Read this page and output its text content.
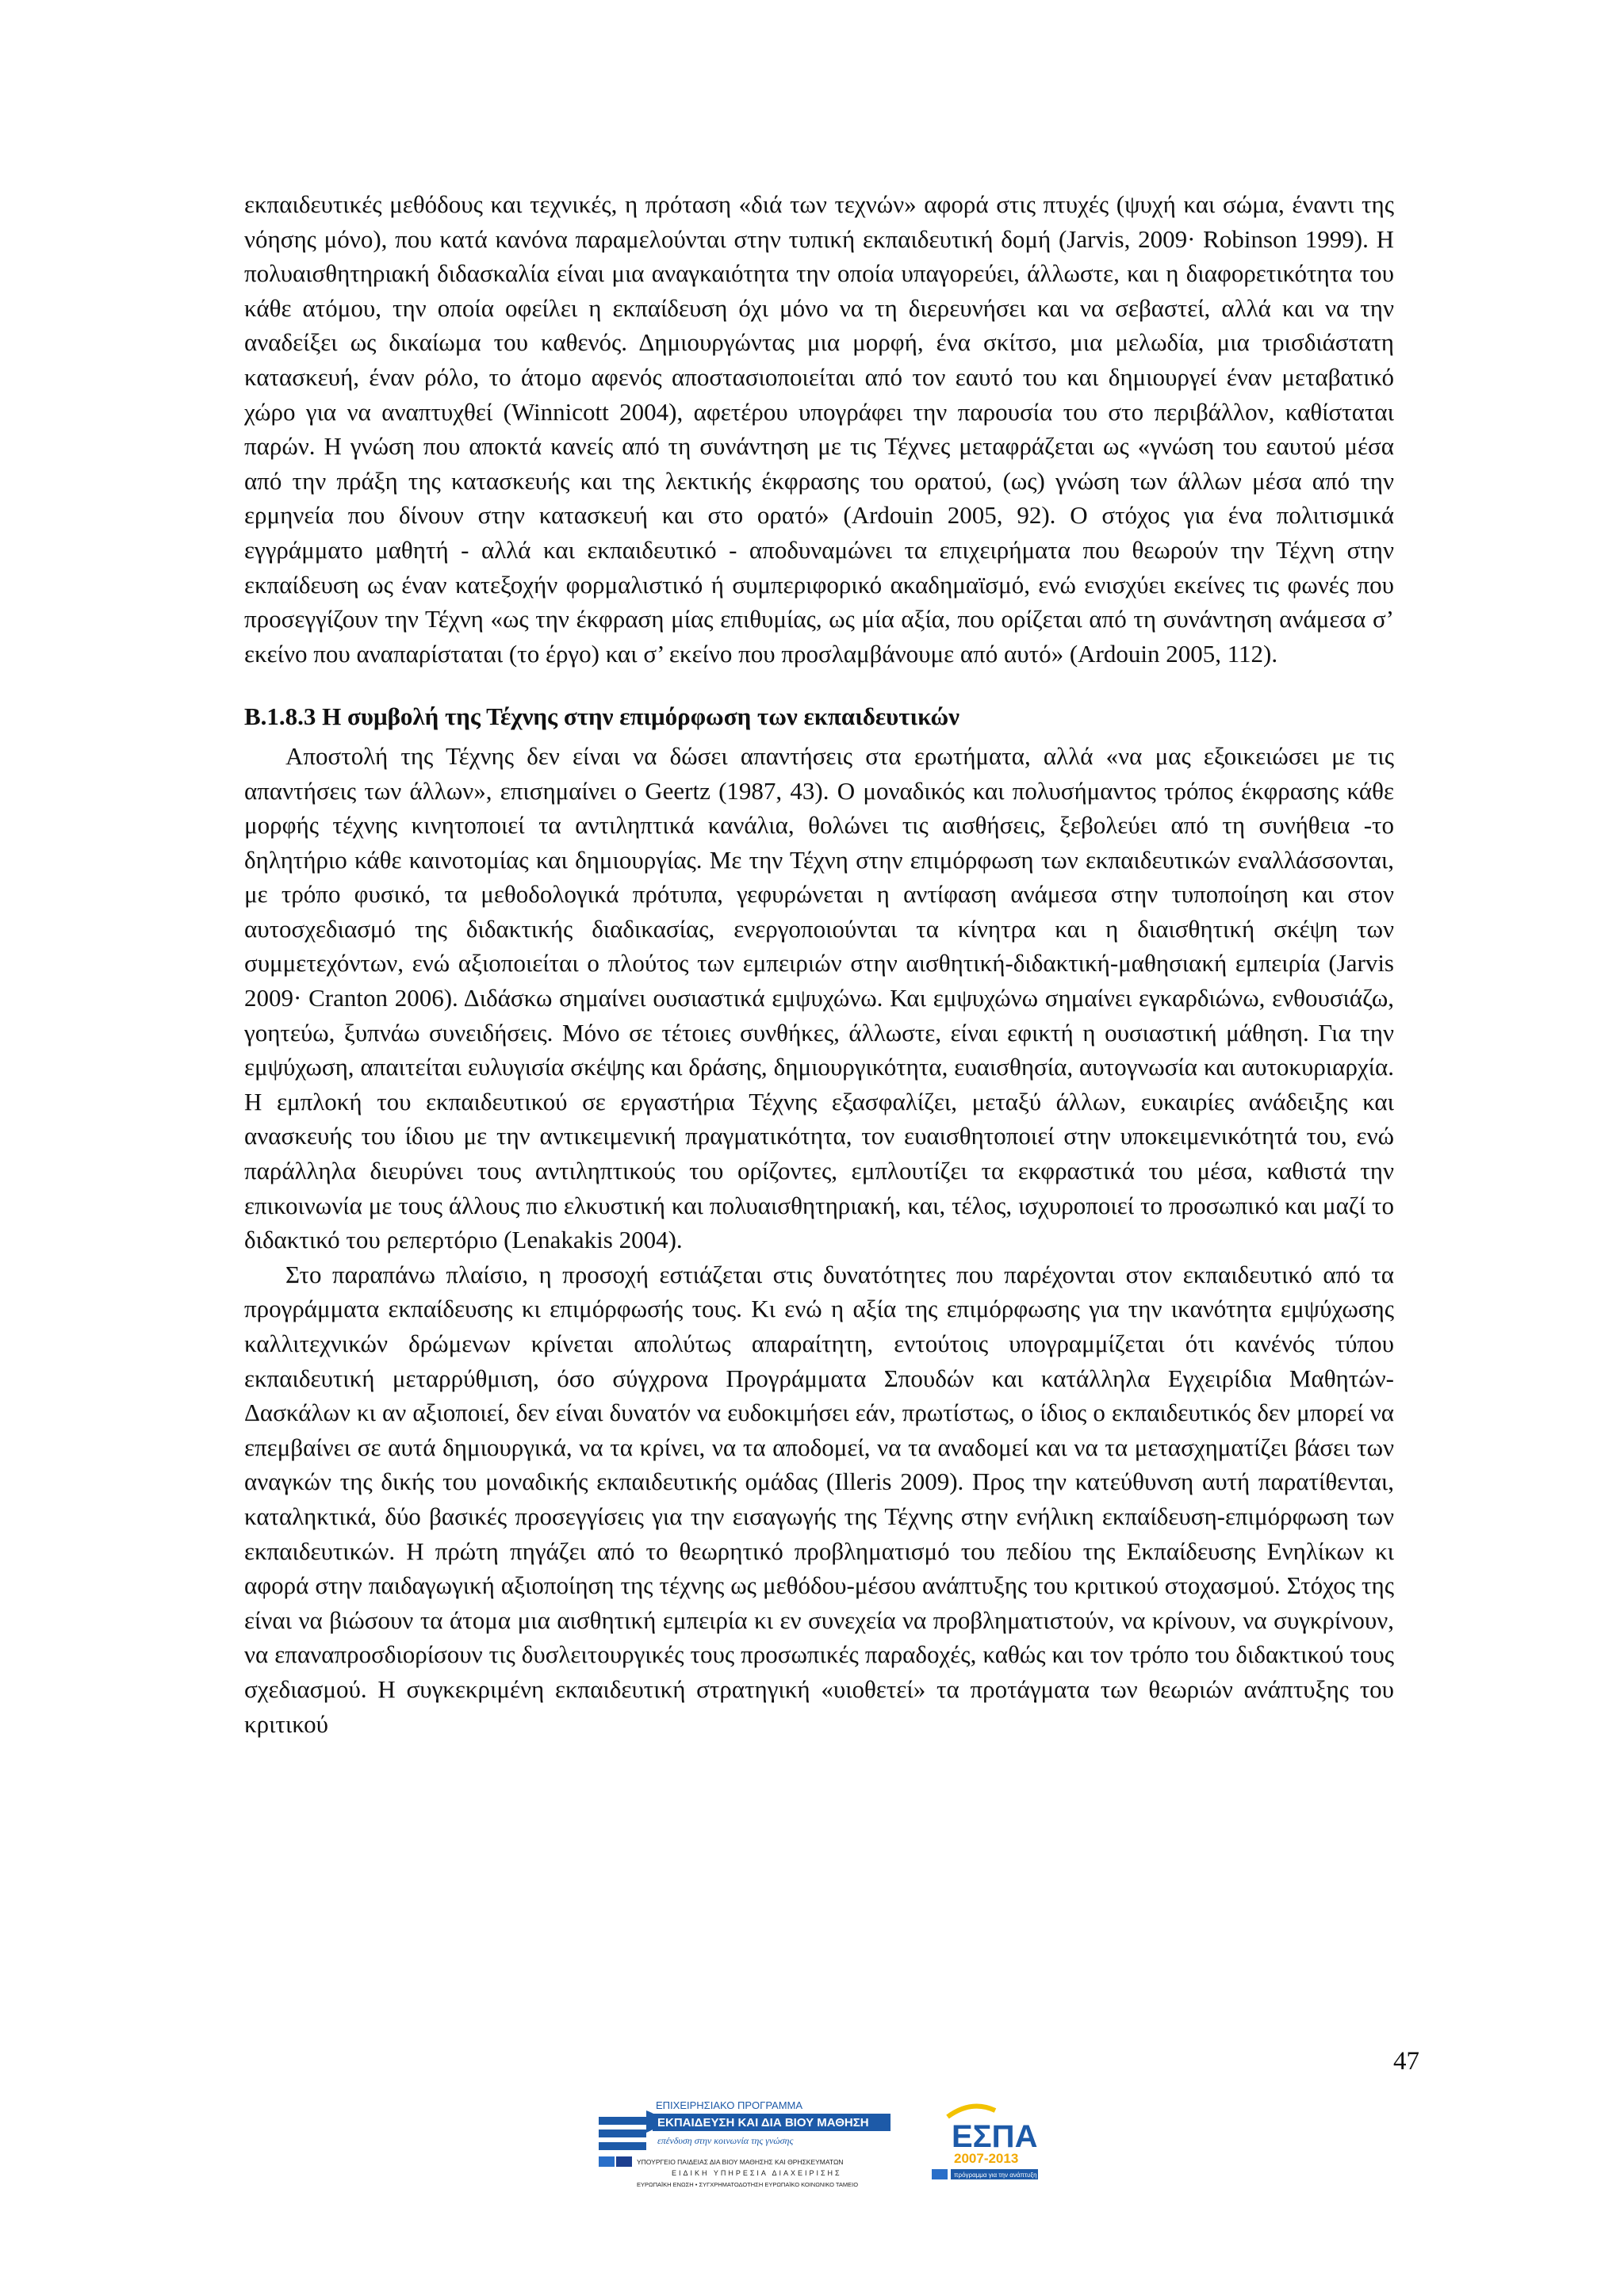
εκπαιδευτικές μεθόδους και τεχνικές, η πρόταση «διά των τεχνών» αφορά στις πτυχές (ψυχή και σώμα, έναντι της νόησης μόνο), που κατά κανόνα παραμελούνται στην τυπική εκπαιδευτική δομή (Jarvis, 2009· Robinson 1999). Η πολυαισθητηριακή διδασκαλία είναι μια αναγκαιότητα την οποία υπαγορεύει, άλλωστε, και η διαφορετικότητα του κάθε ατόμου, την οποία οφείλει η εκπαίδευση όχι μόνο να τη διερευνήσει και να σεβαστεί, αλλά και να την αναδείξει ως δικαίωμα του καθενός. Δημιουργώντας μια μορφή, ένα σκίτσο, μια μελωδία, μια τρισδιάστατη κατασκευή, έναν ρόλο, το άτομο αφενός αποστασιοποιείται από τον εαυτό του και δημιουργεί έναν μεταβατικό χώρο για να αναπτυχθεί (Winnicott 2004), αφετέρου υπογράφει την παρουσία του στο περιβάλλον, καθίσταται παρών. Η γνώση που αποκτά κανείς από τη συνάντηση με τις Τέχνες μεταφράζεται ως «γνώση του εαυτού μέσα από την πράξη της κατασκευής και της λεκτικής έκφρασης του ορατού, (ως) γνώση των άλλων μέσα από την ερμηνεία που δίνουν στην κατασκευή και στο ορατό» (Ardouin 2005, 92). Ο στόχος για ένα πολιτισμικά εγγράμματο μαθητή - αλλά και εκπαιδευτικό - αποδυναμώνει τα επιχειρήματα που θεωρούν την Τέχνη στην εκπαίδευση ως έναν κατεξοχήν φορμαλιστικό ή συμπεριφορικό ακαδημαϊσμό, ενώ ενισχύει εκείνες τις φωνές που προσεγγίζουν την Τέχνη «ως την έκφραση μίας επιθυμίας, ως μία αξία, που ορίζεται από τη συνάντηση ανάμεσα σ’ εκείνο που αναπαρίσταται (το έργο) και σ’ εκείνο που προσλαμβάνουμε από αυτό» (Ardouin 2005, 112).

Β.1.8.3 Η συμβολή της Τέχνης στην επιμόρφωση των εκπαιδευτικών

Αποστολή της Τέχνης δεν είναι να δώσει απαντήσεις στα ερωτήματα, αλλά «να μας εξοικειώσει με τις απαντήσεις των άλλων», επισημαίνει ο Geertz (1987, 43). Ο μοναδικός και πολυσήμαντος τρόπος έκφρασης κάθε μορφής τέχνης κινητοποιεί τα αντιληπτικά κανάλια, θολώνει τις αισθήσεις, ξεβολεύει από τη συνήθεια -το δηλητήριο κάθε καινοτομίας και δημιουργίας. Με την Τέχνη στην επιμόρφωση των εκπαιδευτικών εναλλάσσονται, με τρόπο φυσικό, τα μεθοδολογικά πρότυπα, γεφυρώνεται η αντίφαση ανάμεσα στην τυποποίηση και στον αυτοσχεδιασμό της διδακτικής διαδικασίας, ενεργοποιούνται τα κίνητρα και η διαισθητική σκέψη των συμμετεχόντων, ενώ αξιοποιείται ο πλούτος των εμπειριών στην αισθητική-διδακτική-μαθησιακή εμπειρία (Jarvis 2009· Cranton 2006). Διδάσκω σημαίνει ουσιαστικά εμψυχώνω. Και εμψυχώνω σημαίνει εγκαρδιώνω, ενθουσιάζω, γοητεύω, ξυπνάω συνειδήσεις. Μόνο σε τέτοιες συνθήκες, άλλωστε, είναι εφικτή η ουσιαστική μάθηση. Για την εμψύχωση, απαιτείται ευλυγισία σκέψης και δράσης, δημιουργικότητα, ευαισθησία, αυτογνωσία και αυτοκυριαρχία. Η εμπλοκή του εκπαιδευτικού σε εργαστήρια Τέχνης εξασφαλίζει, μεταξύ άλλων, ευκαιρίες ανάδειξης και ανασκευής του ίδιου με την αντικειμενική πραγματικότητα, τον ευαισθητοποιεί στην υποκειμενικότητά του, ενώ παράλληλα διευρύνει τους αντιληπτικούς του ορίζοντες, εμπλουτίζει τα εκφραστικά του μέσα, καθιστά την επικοινωνία με τους άλλους πιο ελκυστική και πολυαισθητηριακή, και, τέλος, ισχυροποιεί το προσωπικό και μαζί το διδακτικό του ρεπερτόριο (Lenakakis 2004).

Στο παραπάνω πλαίσιο, η προσοχή εστιάζεται στις δυνατότητες που παρέχονται στον εκπαιδευτικό από τα προγράμματα εκπαίδευσης κι επιμόρφωσής τους. Κι ενώ η αξία της επιμόρφωσης για την ικανότητα εμψύχωσης καλλιτεχνικών δρώμενων κρίνεται απολύτως απαραίτητη, εντούτοις υπογραμμίζεται ότι κανένός τύπου εκπαιδευτική μεταρρύθμιση, όσο σύγχρονα Προγράμματα Σπουδών και κατάλληλα Εγχειρίδια Μαθητών-Δασκάλων κι αν αξιοποιεί, δεν είναι δυνατόν να ευδοκιμήσει εάν, πρωτίστως, ο ίδιος ο εκπαιδευτικός δεν μπορεί να επεμβαίνει σε αυτά δημιουργικά, να τα κρίνει, να τα αποδομεί, να τα αναδομεί και να τα μετασχηματίζει βάσει των αναγκών της δικής του μοναδικής εκπαιδευτικής ομάδας (Illeris 2009). Προς την κατεύθυνση αυτή παρατίθενται, καταληκτικά, δύο βασικές προσεγγίσεις για την εισαγωγής της Τέχνης στην ενήλικη εκπαίδευση-επιμόρφωση των εκπαιδευτικών. Η πρώτη πηγάζει από το θεωρητικό προβληματισμό του πεδίου της Εκπαίδευσης Ενηλίκων κι αφορά στην παιδαγωγική αξιοποίηση της τέχνης ως μεθόδου-μέσου ανάπτυξης του κριτικού στοχασμού. Στόχος της είναι να βιώσουν τα άτομα μια αισθητική εμπειρία κι εν συνεχεία να προβληματιστούν, να κρίνουν, να συγκρίνουν, να επαναπροσδιορίσουν τις δυσλειτουργικές τους προσωπικές παραδοχές, καθώς και τον τρόπο του διδακτικού τους σχεδιασμού. Η συγκεκριμένη εκπαιδευτική στρατηγική «υιοθετεί» τα προτάγματα των θεωριών ανάπτυξης του κριτικού

47
ΕΠΙΧΕΙΡΗΣΙΑΚΟ ΠΡΟΓΡΑΜΜΑ
ΕΚΠΑΙΔΕΥΣΗ ΚΑΙ ΔΙΑ ΒΙΟΥ ΜΑΘΗΣΗ
επένδυση στην κοινωνία της γνώσης
ΥΠΟΥΡΓΕΙΟ ΠΑΙΔΕΙΑΣ ΔΙΑ ΒΙΟΥ ΜΑΘΗΣΗΣ ΚΑΙ ΘΡΗΣΚΕΥΜΑΤΩΝ
ΕΙΔΙΚΗ ΥΠΗΡΕΣΙΑ ΔΙΑΧΕΙΡΙΣΗΣ
ΕΥΡΩΠΑΪΚΗ ΕΝΩΣΗ • ΣΥΓΧΡΗΜΑΤΟΔΟΤΗΣΗ ΕΥΡΩΠΑΪΚΟ ΚΟΙΝΩΝΙΚΟ ΤΑΜΕΙΟ
ΕΣΠΑ
2007-2013
πρόγραμμα για την ανάπτυξη
